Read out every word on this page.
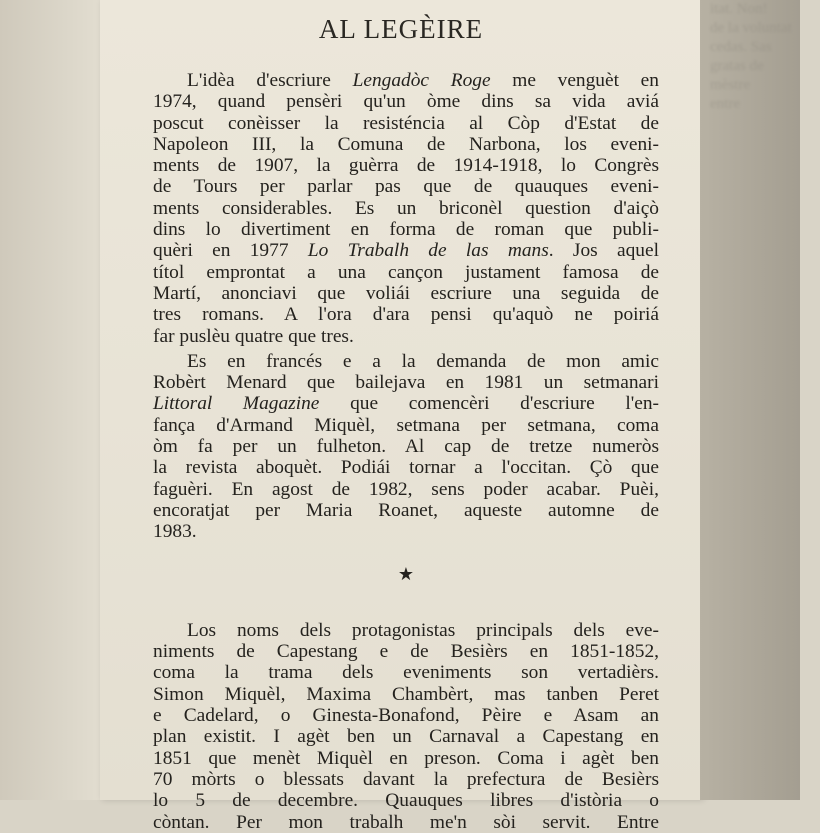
AL LEGÈIRE

L'idèa d'escriure Lengadòc Roge me venguèt en
1974, quand pensèri qu'un òme dins sa vida aviá
poscut conèisser la resisténcia al Còp d'Estat de
Napoleon III, la Comuna de Narbona, los eveni-
ments de 1907, la guèrra de 1914-1918, lo Congrès
de Tours per parlar pas que de quauques eveni-
ments considerables. Es un briconèl question d'aiçò
dins lo divertiment en forma de roman que publi-
quèri en 1977 Lo Trabalh de las mans. Jos aquel
títol emprontat a una cançon justament famosa de
Martí, anonciavi que voliái escriure una seguida de
tres romans. A l'ora d'ara pensi qu'aquò ne poiriá
far puslèu quatre que tres.

Es en francés e a la demanda de mon amic
Robèrt Menard que bailejava en 1981 un setmanari
Littoral Magazine que comencèri d'escriure l'en-
fança d'Armand Miquèl, setmana per setmana, coma
òm fa per un fulheton. Al cap de tretze numeròs
la revista aboquèt. Podiái tornar a l'occitan. Çò que
faguèri. En agost de 1982, sens poder acabar. Puèi,
encoratjat per Maria Roanet, aqueste automne de
1983.

★

Los noms dels protagonistas principals dels eve-
niments de Capestang e de Besièrs en 1851-1852,
coma la trama dels eveniments son vertadièrs.
Simon Miquèl, Maxima Chambèrt, mas tanben Peret
e Cadelard, o Ginesta-Bonafond, Pèire e Asam an
plan existit. I agèt ben un Carnaval a Capestang en
1851 que menèt Miquèl en preson. Coma i agèt ben
70 mòrts o blessats davant la prefectura de Besièrs
lo 5 de decembre. Quauques libres d'istòria o
còntan. Per mon trabalh me'n sòi servit. Entre

itat. Non!
de la voluntat
cedas. Sas
gratas de
mèstre
entre
